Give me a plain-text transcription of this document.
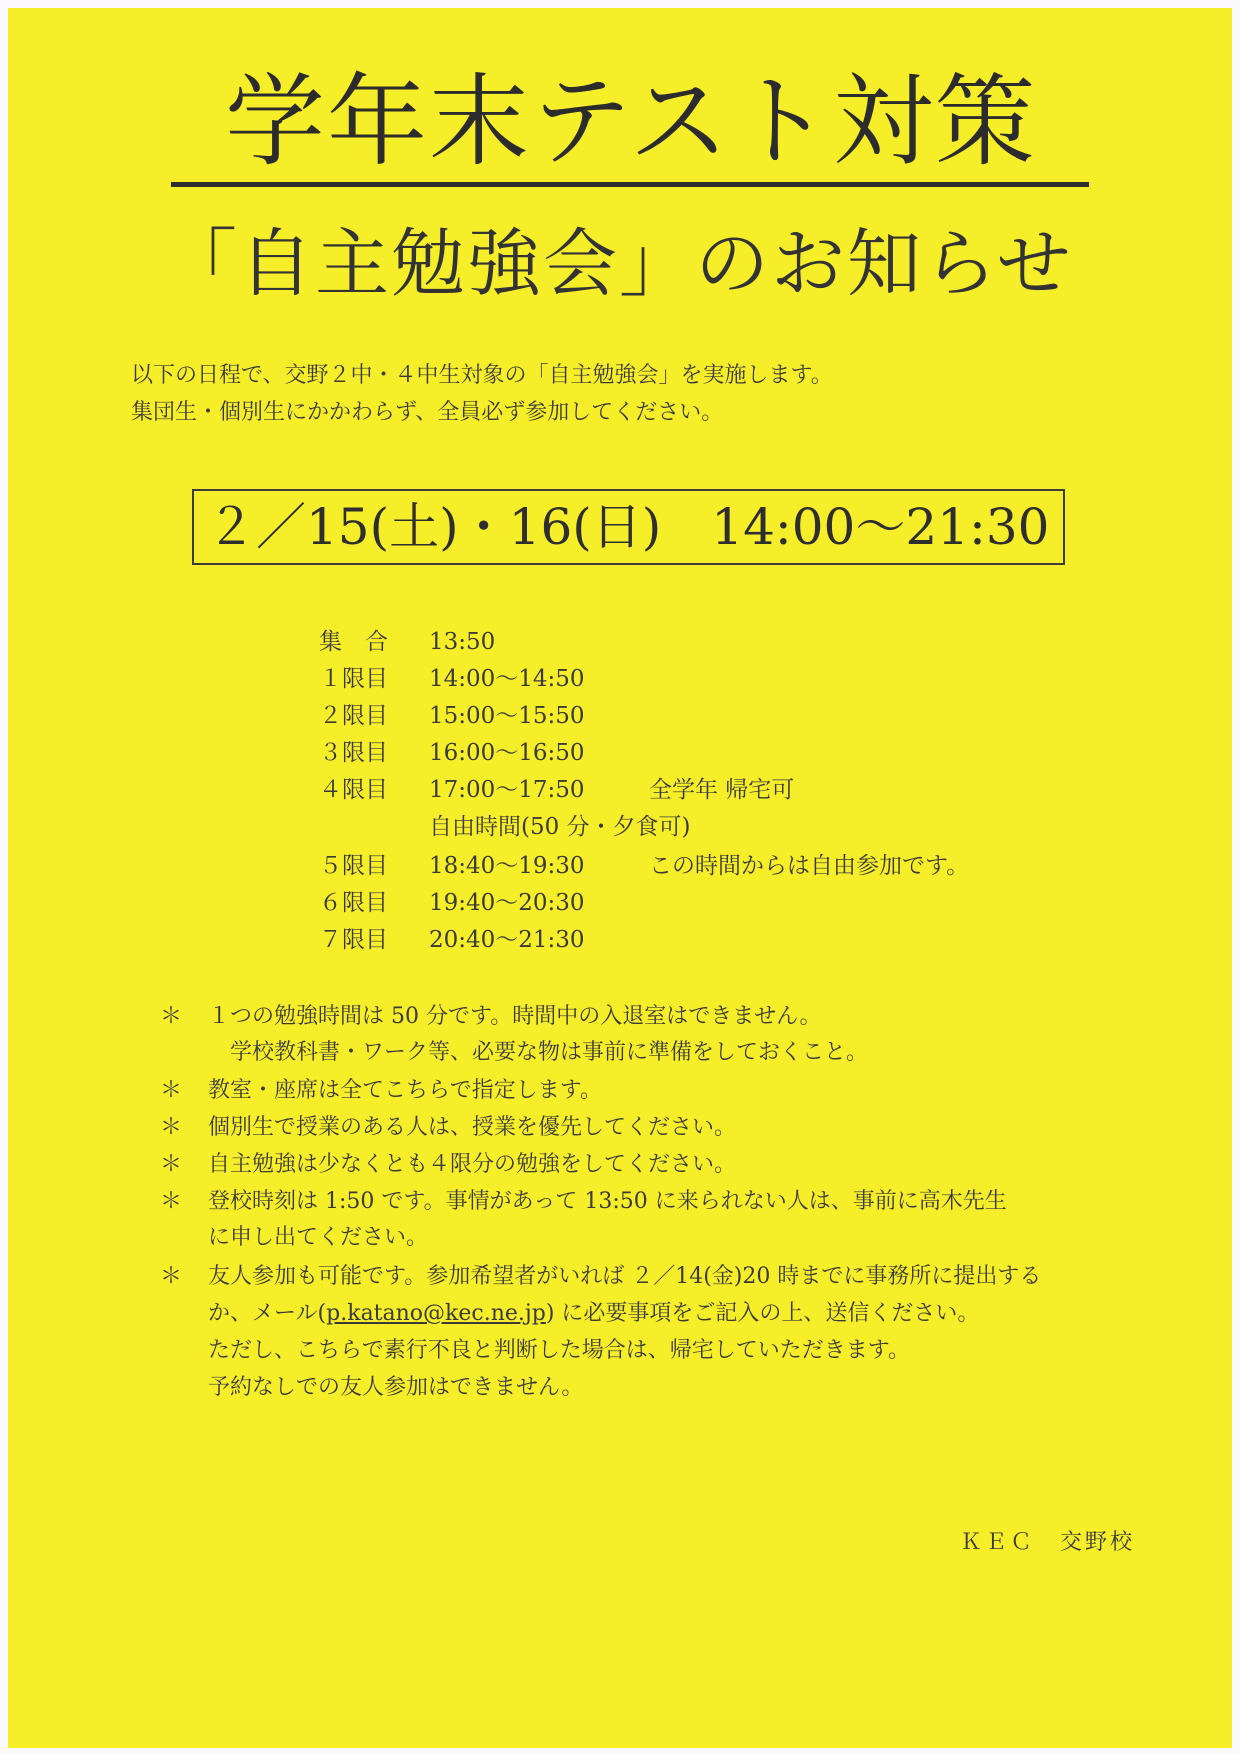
学年末テスト対策
「自主勉強会」のお知らせ
以下の日程で、交野２中・４中生対象の「自主勉強会」を実施します。
集団生・個別生にかかわらず、全員必ず参加してください。
２／15(土)・16(日)　14:00～21:30
集　合 13:50
１限目 14:00～14:50
２限目 15:00～15:50
３限目 16:00～16:50
４限目 17:00～17:50	全学年 帰宅可
自由時間(50 分・夕食可)
５限目 18:40～19:30	この時間からは自由参加です。
６限目 19:40～20:30
７限目 20:40～21:30
＊ １つの勉強時間は 50 分です。時間中の入退室はできません。
学校教科書・ワーク等、必要な物は事前に準備をしておくこと。
＊ 教室・座席は全てこちらで指定します。
＊ 個別生で授業のある人は、授業を優先してください。
＊ 自主勉強は少なくとも４限分の勉強をしてください。
＊ 登校時刻は 1:50 です。事情があって 13:50 に来られない人は、事前に高木先生
に申し出てください。
＊ 友人参加も可能です。参加希望者がいれば ２／14(金)20 時までに事務所に提出する
か、メール(p.katano@kec.ne.jp) に必要事項をご記入の上、送信ください。
ただし、こちらで素行不良と判断した場合は、帰宅していただきます。
予約なしでの友人参加はできません。
ＫＥＣ　交野校
